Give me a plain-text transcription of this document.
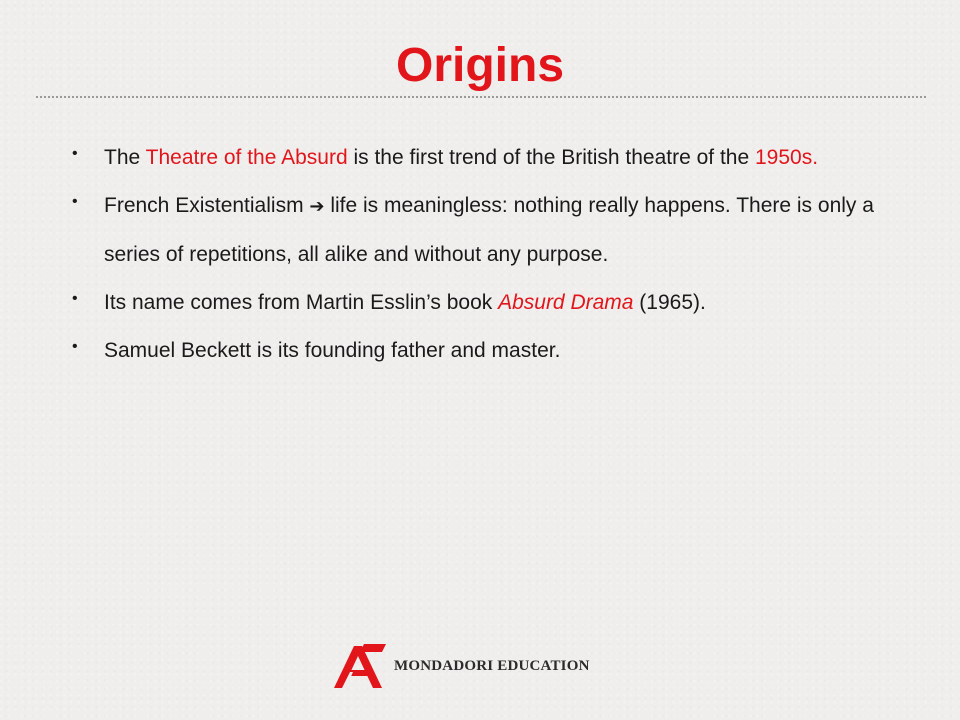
Origins
• The Theatre of the Absurd is the first trend of the British theatre of the 1950s.
• French Existentialism ➔ life is meaningless: nothing really happens. There is only a series of repetitions, all alike and without any purpose.
• Its name comes from Martin Esslin’s book Absurd Drama (1965).
• Samuel Beckett is its founding father and master.
MONDADORI EDUCATION
